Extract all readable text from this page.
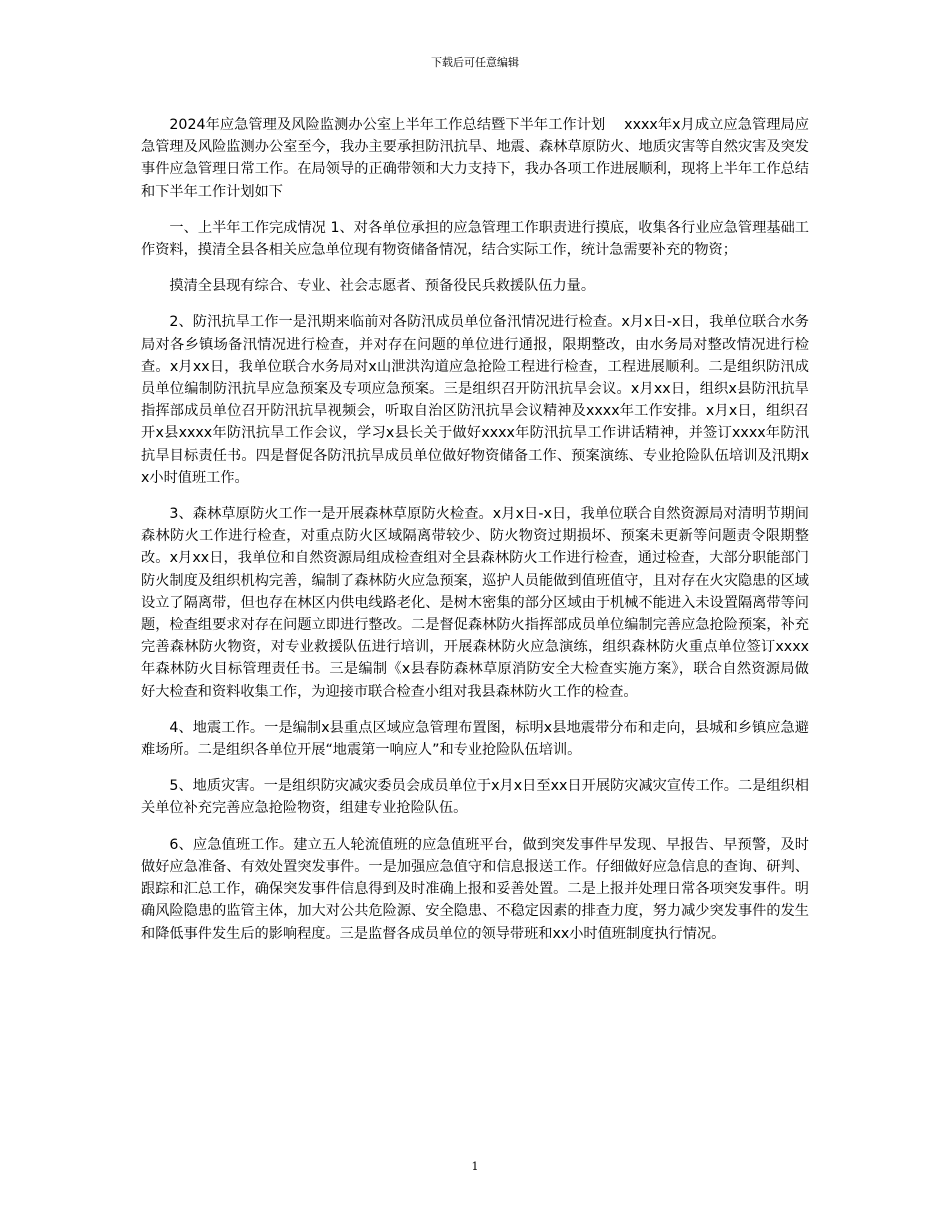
下载后可任意编辑

2024年应急管理及风险监测办公室上半年工作总结暨下半年工作计划　 xxxx年x月成立应急管理局应急管理及风险监测办公室至今，我办主要承担防汛抗旱、地震、森林草原防火、地质灾害等自然灾害及突发事件应急管理日常工作。在局领导的正确带领和大力支持下，我办各项工作进展顺利，现将上半年工作总结和下半年工作计划如下

一、上半年工作完成情况 1、对各单位承担的应急管理工作职责进行摸底，收集各行业应急管理基础工作资料，摸清全县各相关应急单位现有物资储备情况，结合实际工作，统计急需要补充的物资；

摸清全县现有综合、专业、社会志愿者、预备役民兵救援队伍力量。

2、防汛抗旱工作一是汛期来临前对各防汛成员单位备汛情况进行检查。x月x日-x日，我单位联合水务局对各乡镇场备汛情况进行检查，并对存在问题的单位进行通报，限期整改，由水务局对整改情况进行检查。x月xx日，我单位联合水务局对x山泄洪沟道应急抢险工程进行检查，工程进展顺利。二是组织防汛成员单位编制防汛抗旱应急预案及专项应急预案。三是组织召开防汛抗旱会议。x月xx日，组织x县防汛抗旱指挥部成员单位召开防汛抗旱视频会，听取自治区防汛抗旱会议精神及xxxx年工作安排。x月x日，组织召开x县xxxx年防汛抗旱工作会议，学习x县长关于做好xxxx年防汛抗旱工作讲话精神，并签订xxxx年防汛抗旱目标责任书。四是督促各防汛抗旱成员单位做好物资储备工作、预案演练、专业抢险队伍培训及汛期xx小时值班工作。

3、森林草原防火工作一是开展森林草原防火检查。x月x日-x日，我单位联合自然资源局对清明节期间森林防火工作进行检查，对重点防火区域隔离带较少、防火物资过期损坏、预案未更新等问题责令限期整改。x月xx日，我单位和自然资源局组成检查组对全县森林防火工作进行检查，通过检查，大部分职能部门防火制度及组织机构完善，编制了森林防火应急预案，巡护人员能做到值班值守，且对存在火灾隐患的区域设立了隔离带，但也存在林区内供电线路老化、是树木密集的部分区域由于机械不能进入未设置隔离带等问题，检查组要求对存在问题立即进行整改。二是督促森林防火指挥部成员单位编制完善应急抢险预案，补充完善森林防火物资，对专业救援队伍进行培训，开展森林防火应急演练，组织森林防火重点单位签订xxxx年森林防火目标管理责任书。三是编制《x县春防森林草原消防安全大检查实施方案》，联合自然资源局做好大检查和资料收集工作，为迎接市联合检查小组对我县森林防火工作的检查。

4、地震工作。一是编制x县重点区域应急管理布置图，标明x县地震带分布和走向，县城和乡镇应急避难场所。二是组织各单位开展“地震第一响应人”和专业抢险队伍培训。

5、地质灾害。一是组织防灾减灾委员会成员单位于x月x日至xx日开展防灾减灾宣传工作。二是组织相关单位补充完善应急抢险物资，组建专业抢险队伍。

6、应急值班工作。建立五人轮流值班的应急值班平台，做到突发事件早发现、早报告、早预警，及时做好应急准备、有效处置突发事件。一是加强应急值守和信息报送工作。仔细做好应急信息的查询、研判、跟踪和汇总工作，确保突发事件信息得到及时准确上报和妥善处置。二是上报并处理日常各项突发事件。明确风险隐患的监管主体，加大对公共危险源、安全隐患、不稳定因素的排查力度，努力减少突发事件的发生和降低事件发生后的影响程度。三是监督各成员单位的领导带班和xx小时值班制度执行情况。

1
